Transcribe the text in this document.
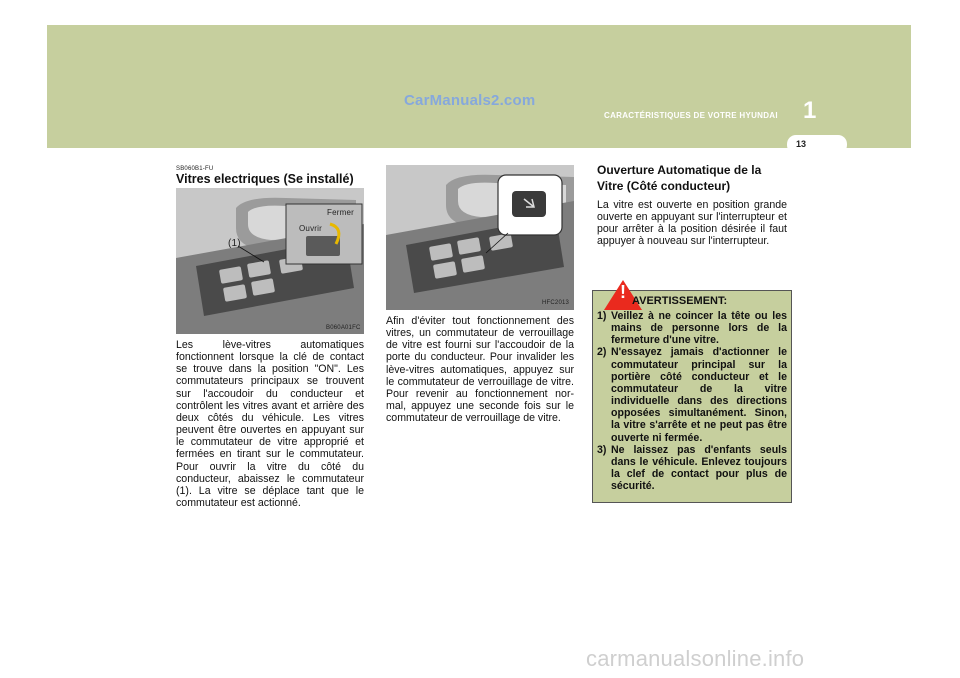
CarManuals2.com
CARACTÉRISTIQUES DE VOTRE HYUNDAI 1
13
SB060B1-FU
Vitres electriques (Se installé)
Fermer
Ouvrir
(1)
B060A01FC
Les lève-vitres automatiques fonctionnent lorsque la clé de contact se trouve dans la position "ON". Les commutateurs principaux se trouvent sur l'accoudoir du conducteur et contrôlent les vitres avant et arrière des deux côtés du véhicule. Les vitres peuvent être ouvertes en appuyant sur le commutateur de vitre approprié et fermées en tirant sur le commutateur. Pour ouvrir la vitre du côté du conducteur, abaissez le commutateur (1). La vitre se déplace tant que le commutateur est actionné.
HFC2013
Afin d'éviter tout fonctionnement des vitres, un commutateur de verrouillage de vitre est fourni sur l'accoudoir de la porte du conducteur. Pour invalider les lève-vitres automatiques, appuyez sur le commutateur de verrouillage de vitre. Pour revenir au fonctionnement nor-mal, appuyez une seconde fois sur le commutateur de verrouillage de vitre.
Ouverture Automatique de la Vitre (Côté conducteur)
La vitre est ouverte en position grande ouverte en appuyant sur l'interrupteur et pour arrêter à la position désirée il faut appuyer à nouveau sur l'interrupteur.
! AVERTISSEMENT:
1) Veillez à ne coincer la tête ou les mains de personne lors de la fermeture d'une vitre.
2) N'essayez jamais d'actionner le commutateur principal sur la portière côté conducteur et le commutateur de la vitre individuelle dans des directions opposées simultanément. Sinon, la vitre s'arrête et ne peut pas être ouverte ni fermée.
3) Ne laissez pas d'enfants seuls dans le véhicule. Enlevez toujours la clef de contact pour plus de sécurité.
carmanualsonline.info
